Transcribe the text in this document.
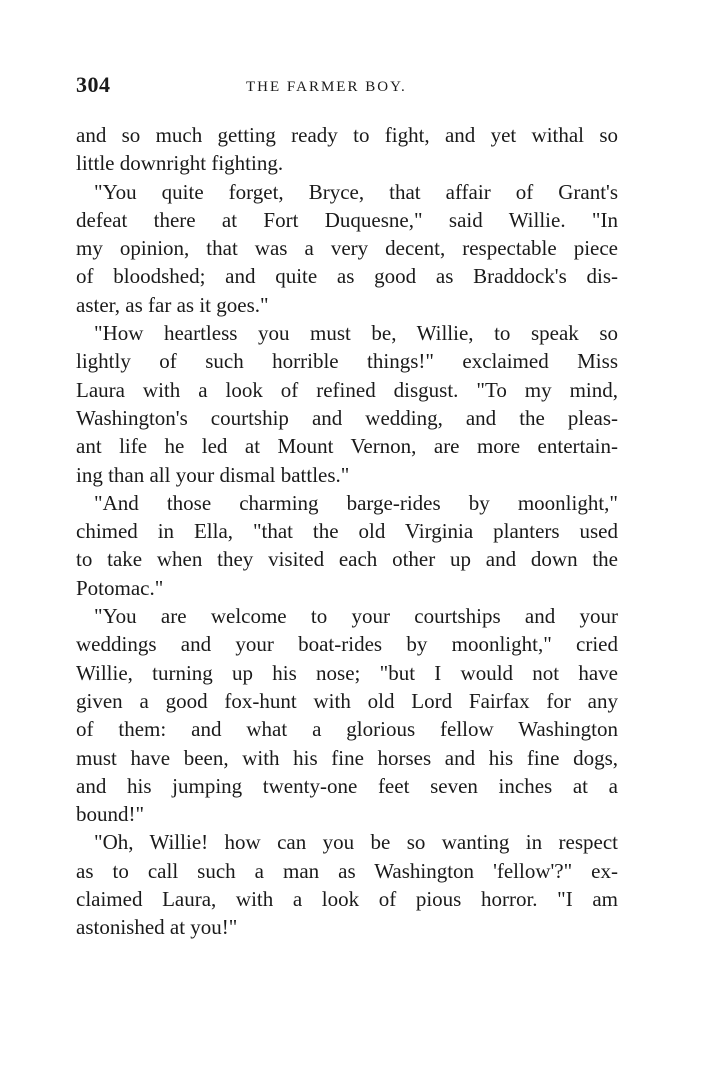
304	THE FARMER BOY.

and so much getting ready to fight, and yet withal so
little downright fighting.

"You quite forget, Bryce, that affair of Grant's
defeat there at Fort Duquesne," said Willie. "In
my opinion, that was a very decent, respectable piece
of bloodshed; and quite as good as Braddock's dis-
aster, as far as it goes."

"How heartless you must be, Willie, to speak so
lightly of such horrible things!" exclaimed Miss
Laura with a look of refined disgust. "To my mind,
Washington's courtship and wedding, and the pleas-
ant life he led at Mount Vernon, are more entertain-
ing than all your dismal battles."

"And those charming barge-rides by moonlight,"
chimed in Ella, "that the old Virginia planters used
to take when they visited each other up and down the
Potomac."

"You are welcome to your courtships and your
weddings and your boat-rides by moonlight," cried
Willie, turning up his nose; "but I would not have
given a good fox-hunt with old Lord Fairfax for any
of them: and what a glorious fellow Washington
must have been, with his fine horses and his fine dogs,
and his jumping twenty-one feet seven inches at a
bound!"

"Oh, Willie! how can you be so wanting in respect
as to call such a man as Washington 'fellow'?" ex-
claimed Laura, with a look of pious horror. "I am
astonished at you!"
